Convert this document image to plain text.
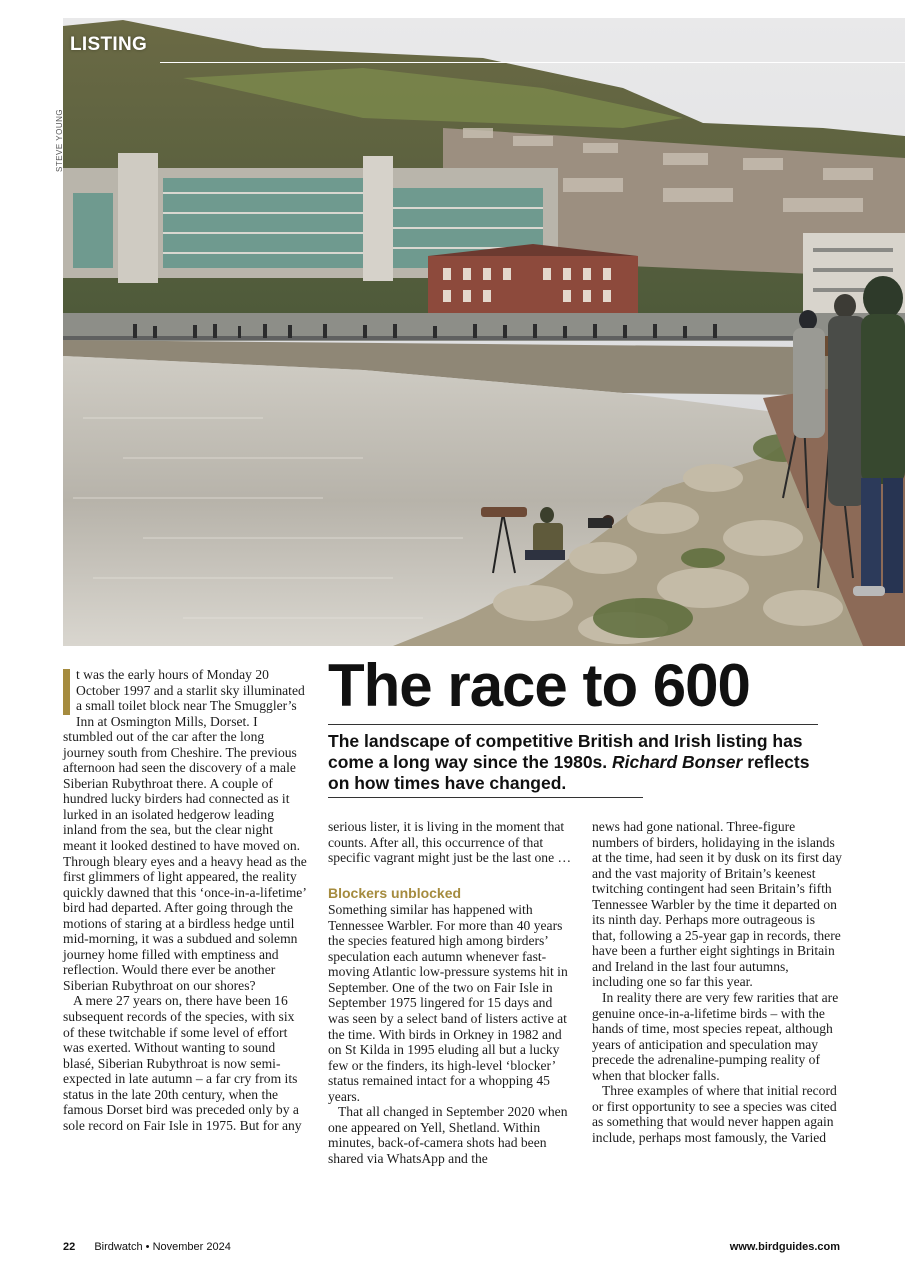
LISTING
STEVE YOUNG
The race to 600
The landscape of competitive British and Irish listing has come a long way since the 1980s. Richard Bonser reflects on how times have changed.

t was the early hours of Monday 20 October 1997 and a starlit sky illuminated a small toilet block near The Smuggler’s Inn at Osmington Mills, Dorset. I stumbled out of the car after the long journey south from Cheshire. The previous afternoon had seen the discovery of a male Siberian Rubythroat there. A couple of hundred lucky birders had connected as it lurked in an isolated hedgerow leading inland from the sea, but the clear night meant it looked destined to have moved on. Through bleary eyes and a heavy head as the first glimmers of light appeared, the reality quickly dawned that this ‘once-in-a-lifetime’ bird had departed. After going through the motions of staring at a birdless hedge until mid-morning, it was a subdued and solemn journey home filled with emptiness and reflection. Would there ever be another Siberian Rubythroat on our shores?

A mere 27 years on, there have been 16 subsequent records of the species, with six of these twitchable if some level of effort was exerted. Without wanting to sound blasé, Siberian Rubythroat is now semi-expected in late autumn – a far cry from its status in the late 20th century, when the famous Dorset bird was preceded only by a sole record on Fair Isle in 1975. But for any

serious lister, it is living in the moment that counts. After all, this occurrence of that specific vagrant might just be the last one …

Blockers unblocked

Something similar has happened with Tennessee Warbler. For more than 40 years the species featured high among birders’ speculation each autumn whenever fast-moving Atlantic low-pressure systems hit in September. One of the two on Fair Isle in September 1975 lingered for 15 days and was seen by a select band of listers active at the time. With birds in Orkney in 1982 and on St Kilda in 1995 eluding all but a lucky few or the finders, its high-level ‘blocker’ status remained intact for a whopping 45 years.

That all changed in September 2020 when one appeared on Yell, Shetland. Within minutes, back-of-camera shots had been shared via WhatsApp and the

news had gone national. Three-figure numbers of birders, holidaying in the islands at the time, had seen it by dusk on its first day and the vast majority of Britain’s keenest twitching contingent had seen Britain’s fifth Tennessee Warbler by the time it departed on its ninth day. Perhaps more outrageous is that, following a 25-year gap in records, there have been a further eight sightings in Britain and Ireland in the last four autumns, including one so far this year.

In reality there are very few rarities that are genuine once-in-a-lifetime birds – with the hands of time, most species repeat, although years of anticipation and speculation may precede the adrenaline-pumping reality of when that blocker falls.

Three examples of where that initial record or first opportunity to see a species was cited as something that would never happen again include, perhaps most famously, the Varied

22 Birdwatch • November 2024	www.birdguides.com
